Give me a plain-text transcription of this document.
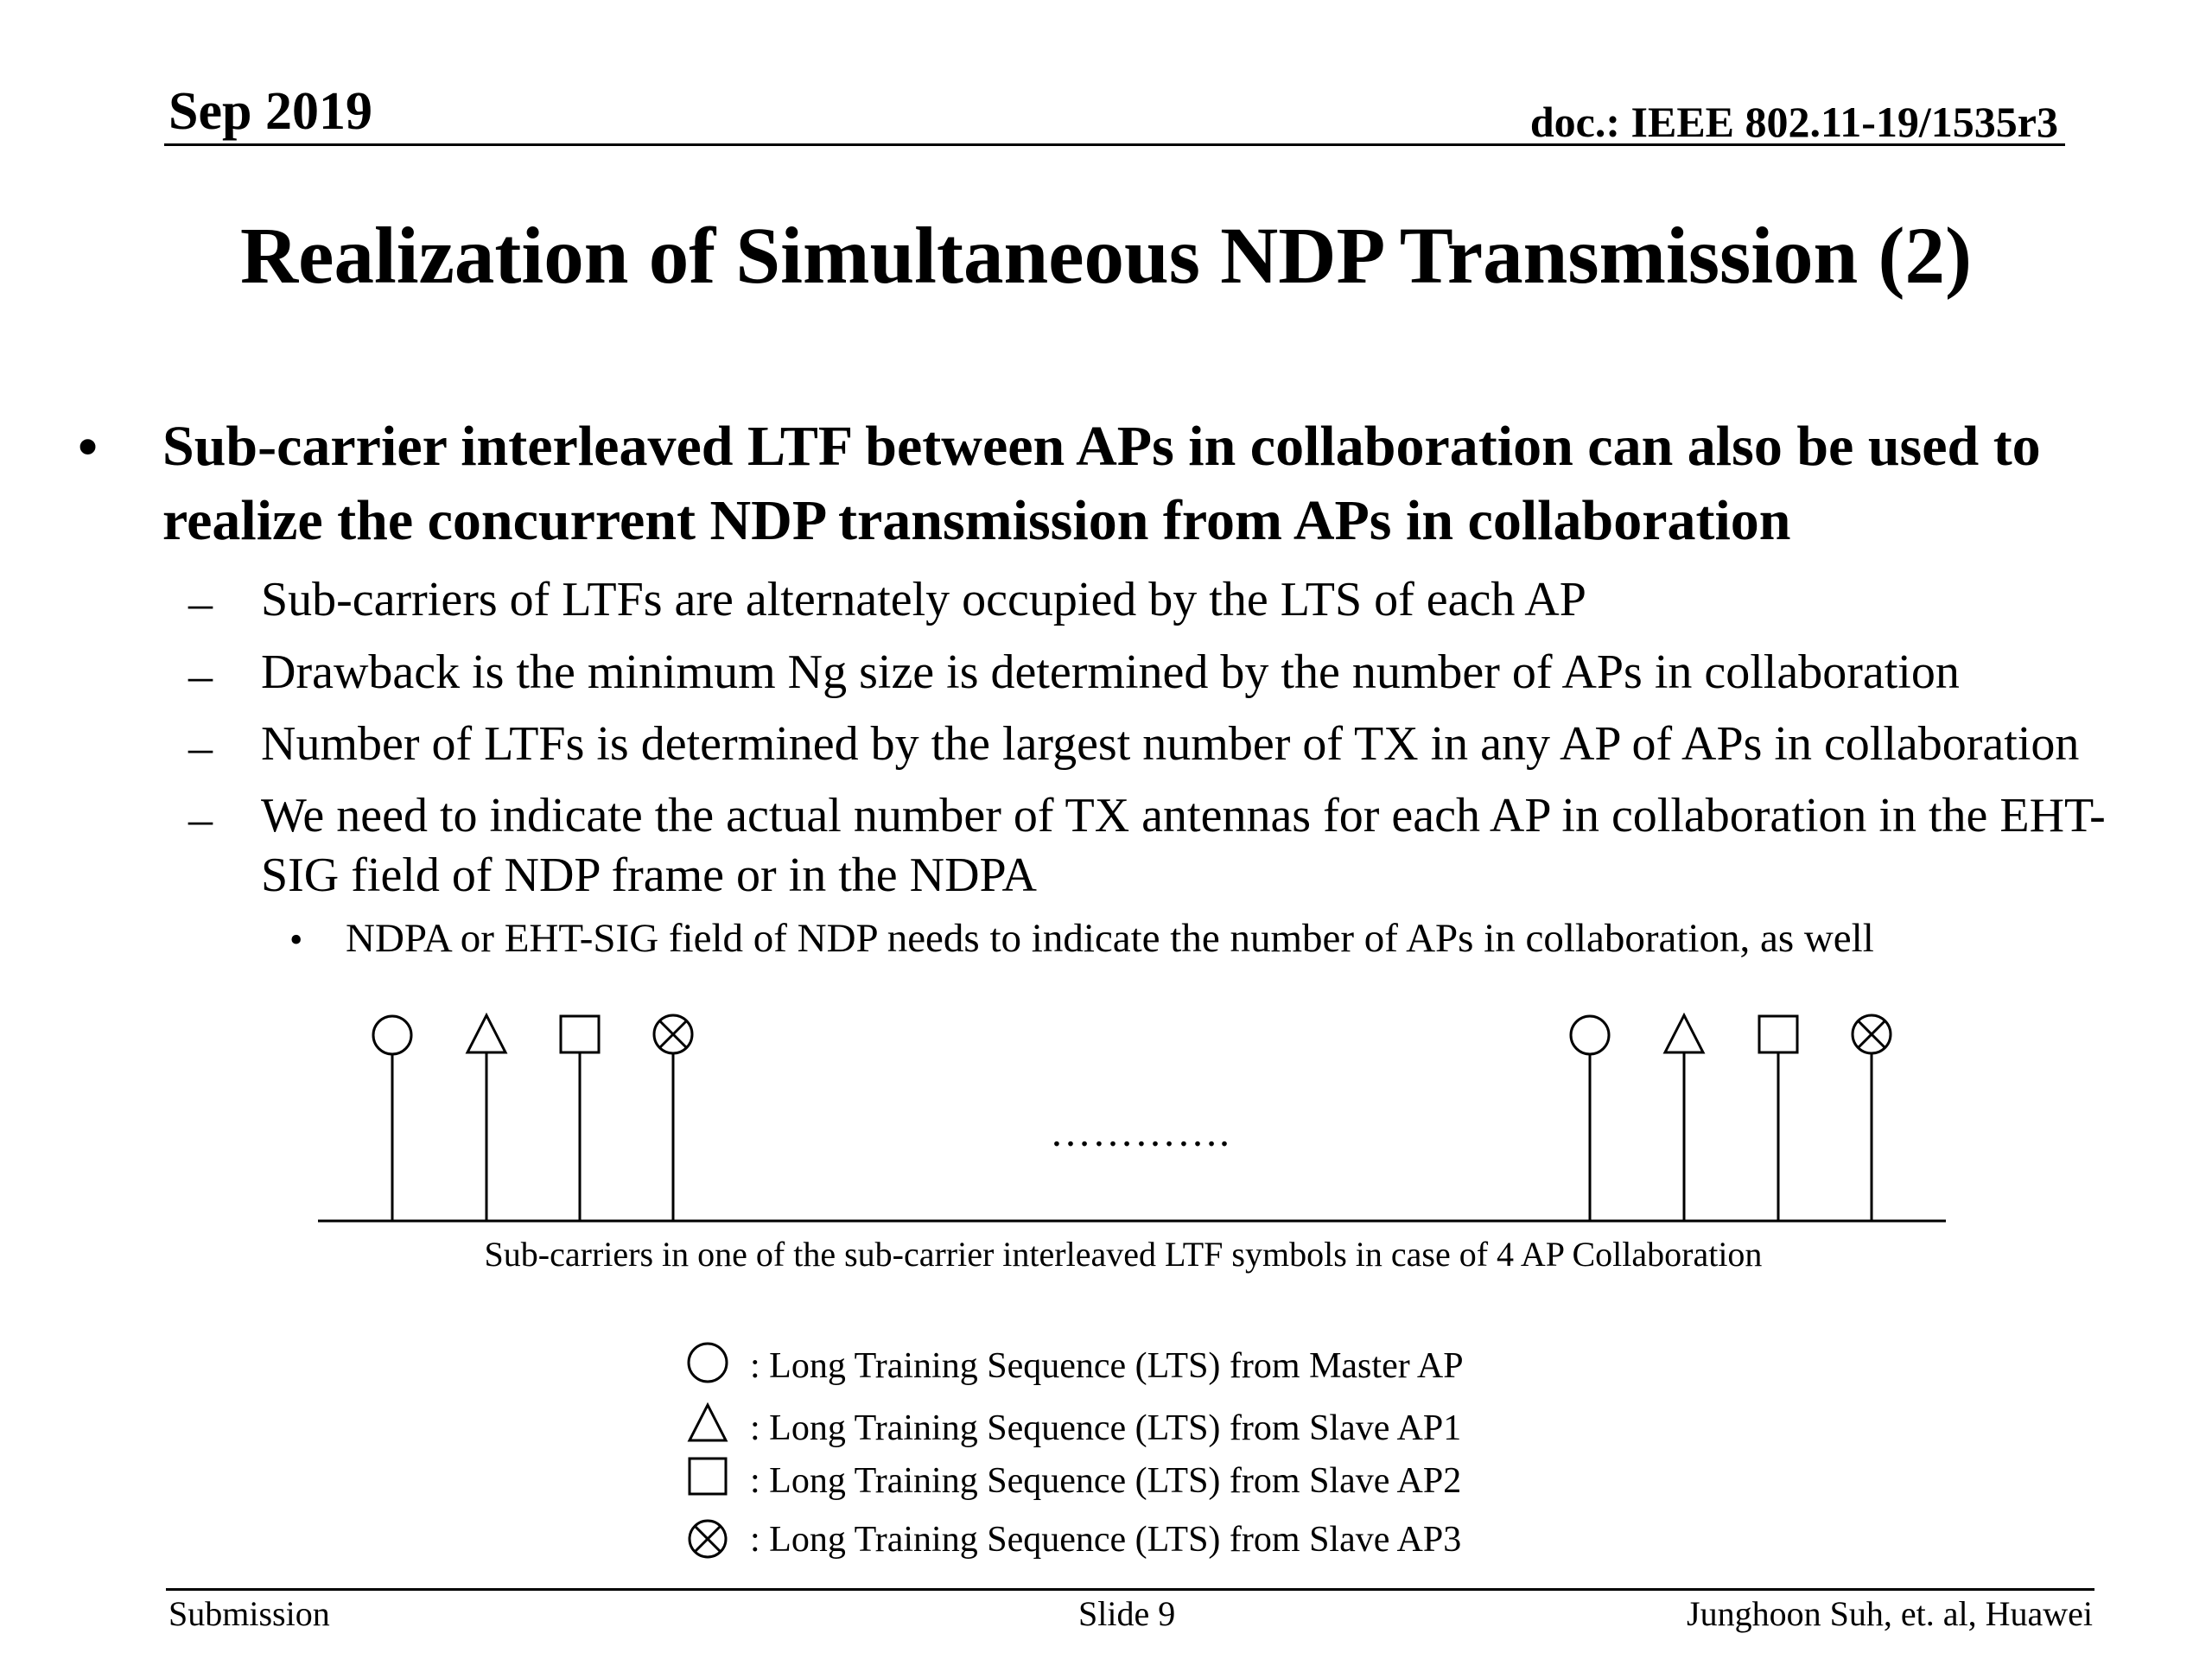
Sep 2019	doc.: IEEE 802.11-19/1535r3
Realization of Simultaneous NDP Transmission (2)
• Sub-carrier interleaved LTF between APs in collaboration can also be used to realize the concurrent NDP transmission from APs in collaboration
– Sub-carriers of LTFs are alternately occupied by the LTS of each AP
– Drawback is the minimum Ng size is determined by the number of APs in collaboration
– Number of LTFs is determined by the largest number of TX in any AP of APs in collaboration
– We need to indicate the actual number of TX antennas for each AP in collaboration in the EHT-SIG field of NDP frame or in the NDPA
• NDPA or EHT-SIG field of NDP needs to indicate the number of APs in collaboration, as well
………….
Sub-carriers in one of the sub-carrier interleaved LTF symbols in case of 4 AP Collaboration
: Long Training Sequence (LTS) from Master AP
: Long Training Sequence (LTS) from Slave AP1
: Long Training Sequence (LTS) from Slave AP2
: Long Training Sequence (LTS) from Slave AP3
Submission	Slide 9	Junghoon Suh, et. al, Huawei
